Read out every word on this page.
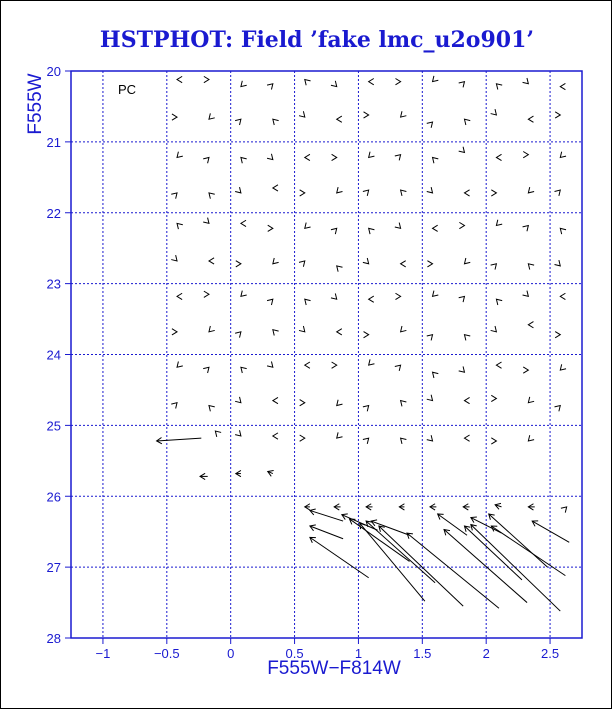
HSTPHOT: Field ’fake lmc_u2o901’
−1	−0.5	0	0.5	1	1.5	2	2.5
20
21
22
23
24
25
26
27
28
PC
F555W−F814W
F555W
